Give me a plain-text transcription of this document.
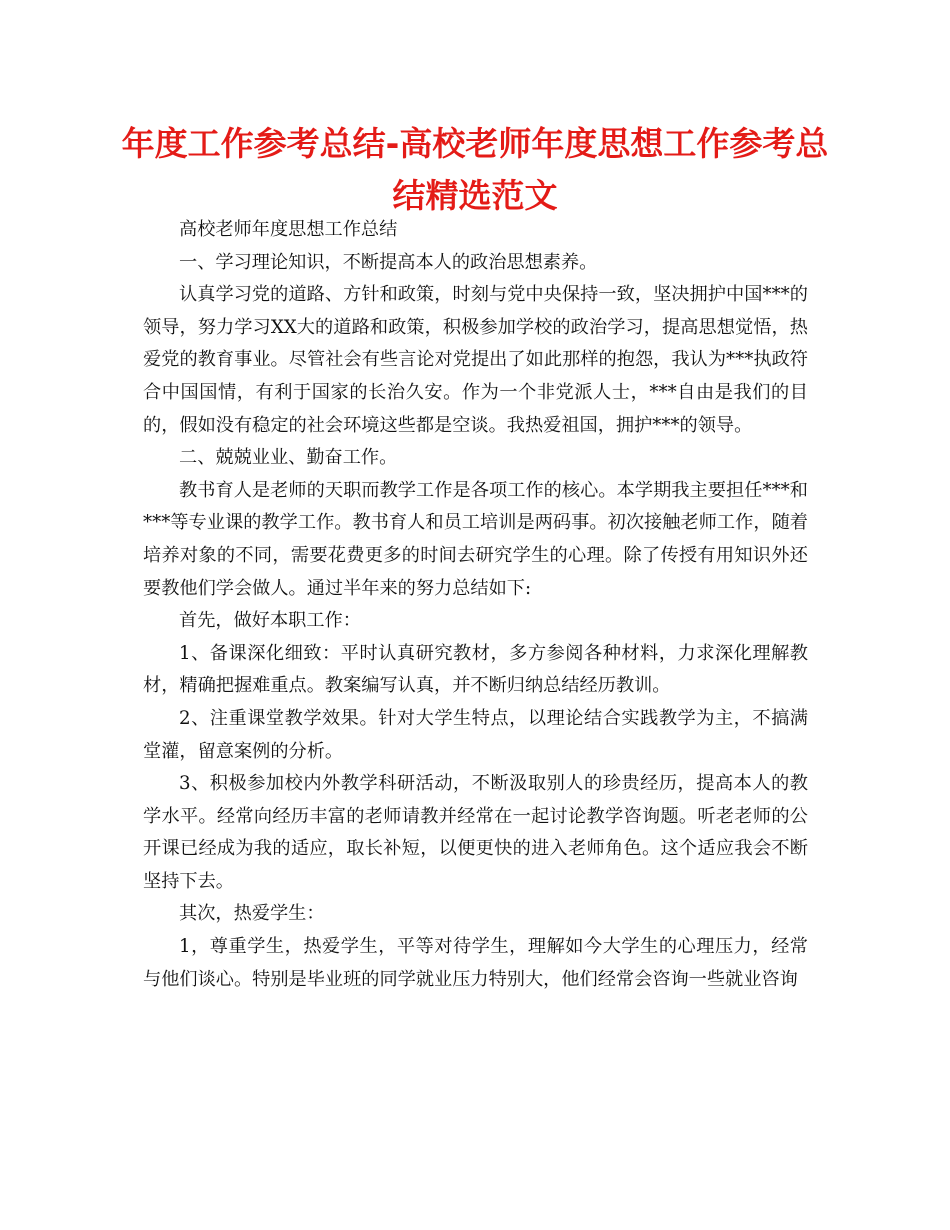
年度工作参考总结-高校老师年度思想工作参考总结精选范文

高校老师年度思想工作总结

一、学习理论知识，不断提高本人的政治思想素养。

认真学习党的道路、方针和政策，时刻与党中央保持一致，坚决拥护中国***的领导，努力学习XX大的道路和政策，积极参加学校的政治学习，提高思想觉悟，热爱党的教育事业。尽管社会有些言论对党提出了如此那样的抱怨，我认为***执政符合中国国情，有利于国家的长治久安。作为一个非党派人士，***自由是我们的目的，假如没有稳定的社会环境这些都是空谈。我热爱祖国，拥护***的领导。

二、兢兢业业、勤奋工作。

教书育人是老师的天职而教学工作是各项工作的核心。本学期我主要担任***和***等专业课的教学工作。教书育人和员工培训是两码事。初次接触老师工作，随着培养对象的不同，需要花费更多的时间去研究学生的心理。除了传授有用知识外还要教他们学会做人。通过半年来的努力总结如下:

首先，做好本职工作：

1、备课深化细致：平时认真研究教材，多方参阅各种材料，力求深化理解教材，精确把握难重点。教案编写认真，并不断归纳总结经历教训。

2、注重课堂教学效果。针对大学生特点，以理论结合实践教学为主，不搞满堂灌，留意案例的分析。

3、积极参加校内外教学科研活动，不断汲取别人的珍贵经历，提高本人的教学水平。经常向经历丰富的老师请教并经常在一起讨论教学咨询题。听老老师的公开课已经成为我的适应，取长补短，以便更快的进入老师角色。这个适应我会不断坚持下去。

其次，热爱学生：

1，尊重学生，热爱学生，平等对待学生，理解如今大学生的心理压力，经常与他们谈心。特别是毕业班的同学就业压力特别大，他们经常会咨询一些就业咨询
